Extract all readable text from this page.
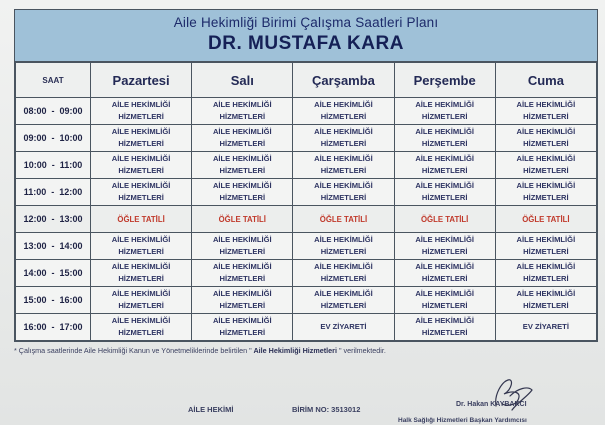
Aile Hekimliği Birimi Çalışma Saatleri Planı
DR. MUSTAFA KARA
SAAT	Pazartesi	Salı	Çarşamba	Perşembe	Cuma
08:00  -  09:00	AİLE HEKİMLİĞİ
HİZMETLERİ	AİLE HEKİMLİĞİ
HİZMETLERİ	AİLE HEKİMLİĞİ
HİZMETLERİ	AİLE HEKİMLİĞİ
HİZMETLERİ	AİLE HEKİMLİĞİ
HİZMETLERİ
09:00  -  10:00	AİLE HEKİMLİĞİ
HİZMETLERİ	AİLE HEKİMLİĞİ
HİZMETLERİ	AİLE HEKİMLİĞİ
HİZMETLERİ	AİLE HEKİMLİĞİ
HİZMETLERİ	AİLE HEKİMLİĞİ
HİZMETLERİ
10:00  -  11:00	AİLE HEKİMLİĞİ
HİZMETLERİ	AİLE HEKİMLİĞİ
HİZMETLERİ	AİLE HEKİMLİĞİ
HİZMETLERİ	AİLE HEKİMLİĞİ
HİZMETLERİ	AİLE HEKİMLİĞİ
HİZMETLERİ
11:00  -  12:00	AİLE HEKİMLİĞİ
HİZMETLERİ	AİLE HEKİMLİĞİ
HİZMETLERİ	AİLE HEKİMLİĞİ
HİZMETLERİ	AİLE HEKİMLİĞİ
HİZMETLERİ	AİLE HEKİMLİĞİ
HİZMETLERİ
12:00  -  13:00	ÖĞLE TATİLİ	ÖĞLE TATİLİ	ÖĞLE TATİLİ	ÖĞLE TATİLİ	ÖĞLE TATİLİ
13:00  -  14:00	AİLE HEKİMLİĞİ
HİZMETLERİ	AİLE HEKİMLİĞİ
HİZMETLERİ	AİLE HEKİMLİĞİ
HİZMETLERİ	AİLE HEKİMLİĞİ
HİZMETLERİ	AİLE HEKİMLİĞİ
HİZMETLERİ
14:00  -  15:00	AİLE HEKİMLİĞİ
HİZMETLERİ	AİLE HEKİMLİĞİ
HİZMETLERİ	AİLE HEKİMLİĞİ
HİZMETLERİ	AİLE HEKİMLİĞİ
HİZMETLERİ	AİLE HEKİMLİĞİ
HİZMETLERİ
15:00  -  16:00	AİLE HEKİMLİĞİ
HİZMETLERİ	AİLE HEKİMLİĞİ
HİZMETLERİ	AİLE HEKİMLİĞİ
HİZMETLERİ	AİLE HEKİMLİĞİ
HİZMETLERİ	AİLE HEKİMLİĞİ
HİZMETLERİ
16:00  -  17:00	AİLE HEKİMLİĞİ
HİZMETLERİ	AİLE HEKİMLİĞİ
HİZMETLERİ	EV ZİYARETİ	AİLE HEKİMLİĞİ
HİZMETLERİ	EV ZİYARETİ
* Çalışma saatlerinde Aile Hekimliği Kanun ve Yönetmeliklerinde belirtilen " Aile Hekimliği Hizmetleri " verilmektedir.
AİLE HEKİMİ	BİRİM NO: 3513012
Dr. Hakan KAYBAKCI
Halk Sağlığı Hizmetleri Başkan Yardımcısı
